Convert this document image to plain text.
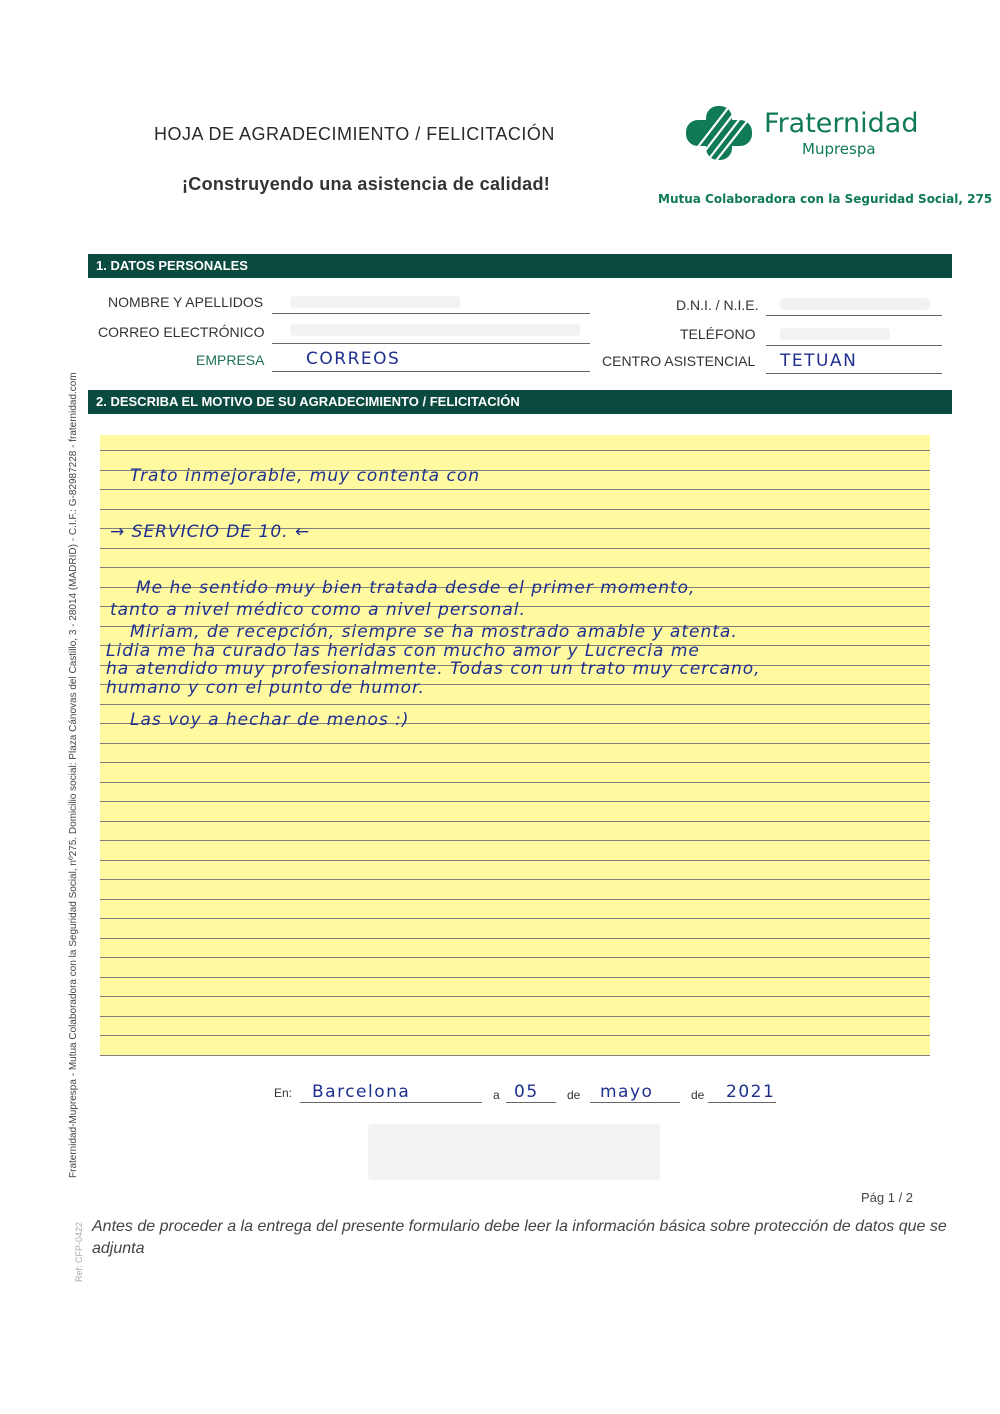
HOJA DE AGRADECIMIENTO / FELICITACIÓN
¡Construyendo una asistencia de calidad!
Fraternidad
Muprespa
Mutua Colaboradora con la Seguridad Social, 275
1. DATOS PERSONALES
NOMBRE Y APELLIDOS
CORREO ELECTRÓNICO
EMPRESA CORREOS
D.N.I. / N.I.E.
TELÉFONO
CENTRO ASISTENCIAL TETUAN
2. DESCRIBA EL MOTIVO DE SU AGRADECIMIENTO / FELICITACIÓN
Trato inmejorable, muy contenta con
→ SERVICIO DE 10. ←
Me he sentido muy bien tratada desde el primer momento,
tanto a nivel médico como a nivel personal.
Miriam, de recepción, siempre se ha mostrado amable y atenta.
Lidia me ha curado las heridas con mucho amor y Lucrecia me
ha atendido muy profesionalmente. Todas con un trato muy cercano,
humano y con el punto de humor.
Las voy a hechar de menos :)
En: Barcelona	a 05 de mayo	de 2021
Pág 1 / 2
Antes de proceder a la entrega del presente formulario debe leer la información básica sobre protección de datos que se adjunta
Fraternidad-Muprespa - Mutua Colaboradora con la Seguridad Social, nº275. Domicilio social: Plaza Cánovas del Castillo, 3 - 28014 (MADRID) - C.I.F.: G-82987228 - fraternidad.com
Ref: CFP-0422
